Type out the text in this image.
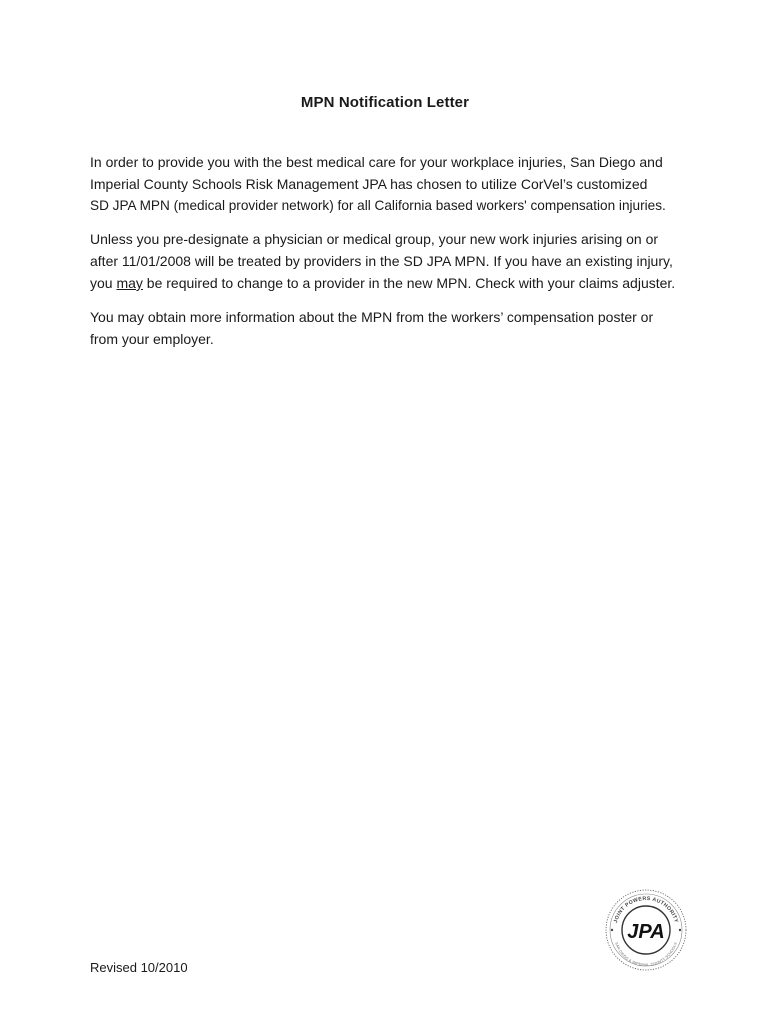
MPN Notification Letter

In order to provide you with the best medical care for your workplace injuries, San Diego and
Imperial County Schools Risk Management JPA has chosen to utilize CorVel’s customized
SD JPA MPN (medical provider network) for all California based workers' compensation injuries.

Unless you pre-designate a physician or medical group, your new work injuries arising on or
after 11/01/2008 will be treated by providers in the SD JPA MPN. If you have an existing injury,
you may be required to change to a provider in the new MPN. Check with your claims adjuster.

You may obtain more information about the MPN from the workers’ compensation poster or
from your employer.

Revised 10/2010
JOINT POWERS AUTHORITY
SAN DIEGO & IMPERIAL COUNTY SCHOOLS
JPA
